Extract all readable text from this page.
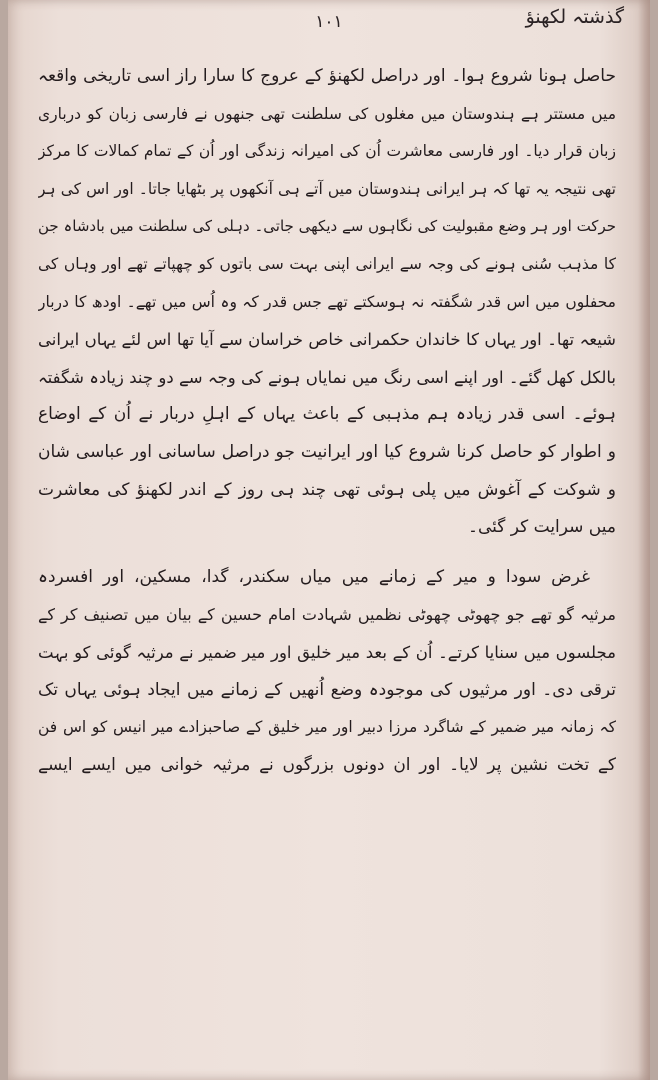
۱۰۱	گذشتہ لکھنؤ
حاصل ہونا شروع ہوا۔ اور دراصل لکھنؤ کے عروج کا سارا راز اسی تاریخی واقعہ
میں مستتر ہے ہندوستان میں مغلوں کی سلطنت تھی جنھوں نے فارسی زبان کو درباری
زبان قرار دیا۔ اور فارسی معاشرت اُن کی امیرانہ زندگی اور اُن کے تمام کمالات کا مرکز
تھی نتیجہ یہ تھا کہ ہر ایرانی ہندوستان میں آتے ہی آنکھوں پر بٹھایا جاتا۔ اور اس کی ہر
حرکت اور ہر وضع مقبولیت کی نگاہوں سے دیکھی جاتی۔ دہلی کی سلطنت میں بادشاہ جن
کا مذہب سُنی ہونے کی وجہ سے ایرانی اپنی بہت سی باتوں کو چھپاتے تھے اور وہاں کی
محفلوں میں اس قدر شگفتہ نہ ہوسکتے تھے جس قدر کہ وہ اُس میں تھے۔ اودھ کا دربار
شیعہ تھا۔ اور یہاں کا خاندان حکمرانی خاص خراسان سے آیا تھا اس لئے یہاں ایرانی
بالکل کھل گئے۔ اور اپنے اسی رنگ میں نمایاں ہونے کی وجہ سے دو چند زیادہ شگفتہ
ہوئے۔ اسی قدر زیادہ ہم مذہبی کے باعث یہاں کے اہلِ دربار نے اُن کے اوضاع
و اطوار کو حاصل کرنا شروع کیا اور ایرانیت جو دراصل ساسانی اور عباسی شان
و شوکت کے آغوش میں پلی ہوئی تھی چند ہی روز کے اندر لکھنؤ کی معاشرت
میں سرایت کر گئی۔
غرض سودا و میر کے زمانے میں میاں سکندر، گدا، مسکین، اور افسردہ
مرثیہ گو تھے جو چھوٹی چھوٹی نظمیں شہادت امام حسین کے بیان میں تصنیف کر کے
مجلسوں میں سنایا کرتے۔ اُن کے بعد میر خلیق اور میر ضمیر نے مرثیہ گوئی کو بہت
ترقی دی۔ اور مرثیوں کی موجودہ وضع اُنھیں کے زمانے میں ایجاد ہوئی یہاں تک
کہ زمانہ میر ضمیر کے شاگرد مرزا دبیر اور میر خلیق کے صاحبزادے میر انیس کو اس فن
کے تخت نشین پر لایا۔ اور ان دونوں بزرگوں نے مرثیہ خوانی میں ایسے ایسے
